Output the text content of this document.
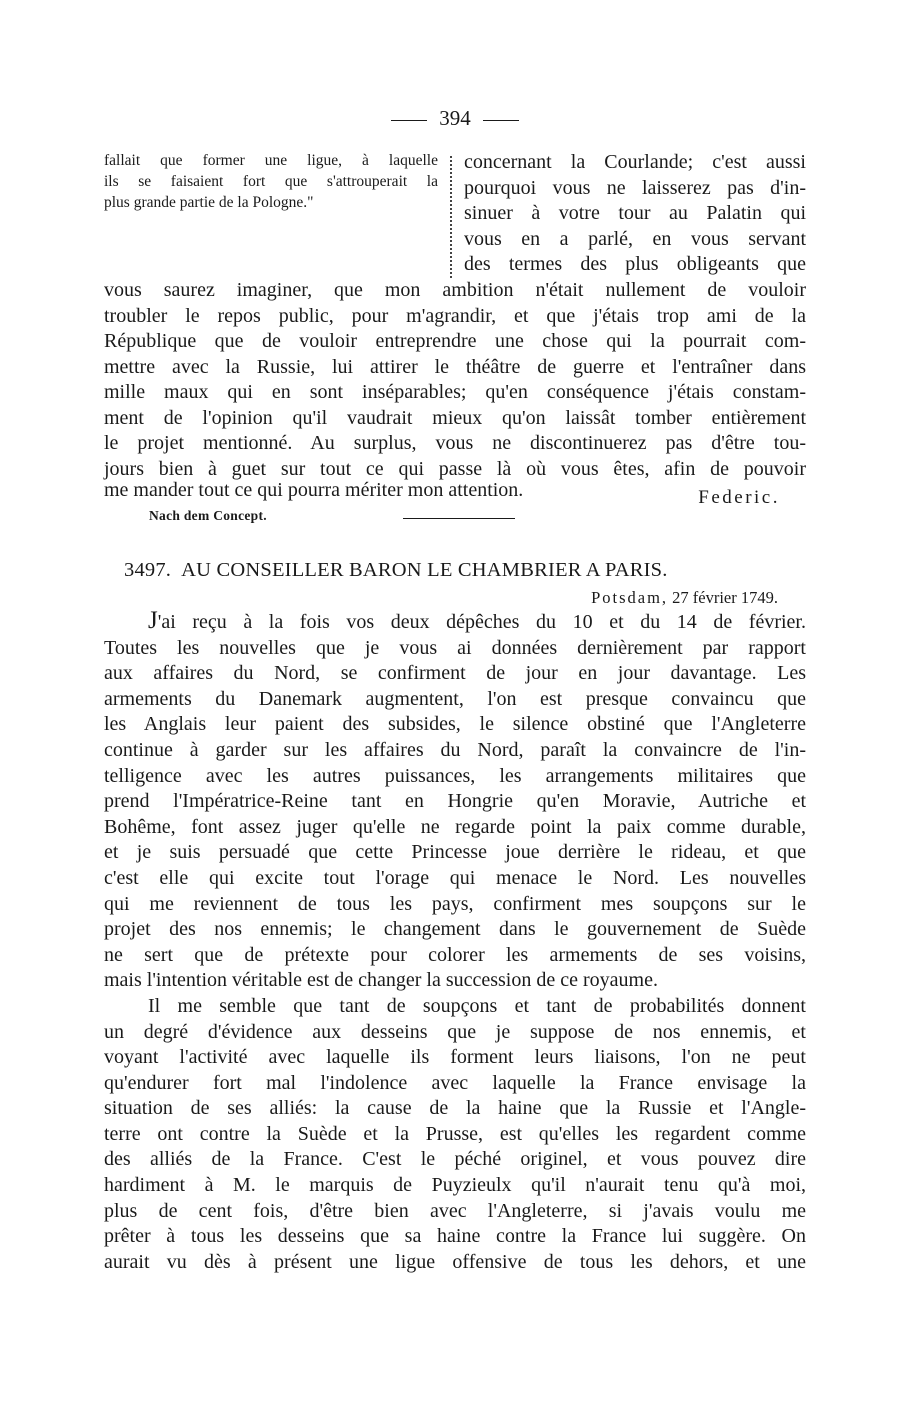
394
fallait que former une ligue, à laquelle
ils se faisaient fort que s'attrouperait la
plus grande partie de la Pologne."
concernant la Courlande; c'est aussi
pourquoi vous ne laisserez pas d'in-
sinuer à votre tour au Palatin qui
vous en a parlé, en vous servant
des termes des plus obligeants que
vous saurez imaginer, que mon ambition n'était nullement de vouloir
troubler le repos public, pour m'agrandir, et que j'étais trop ami de la
République que de vouloir entreprendre une chose qui la pourrait com-
mettre avec la Russie, lui attirer le théâtre de guerre et l'entraîner dans
mille maux qui en sont inséparables; qu'en conséquence j'étais constam-
ment de l'opinion qu'il vaudrait mieux qu'on laissât tomber entièrement
le projet mentionné. Au surplus, vous ne discontinuerez pas d'être tou-
jours bien à guet sur tout ce qui passe là où vous êtes, afin de pouvoir
me mander tout ce qui pourra mériter mon attention.	Federic.
Nach dem Concept.
3497. AU CONSEILLER BARON LE CHAMBRIER A PARIS.
Potsdam, 27 février 1749.
J'ai reçu à la fois vos deux dépêches du 10 et du 14 de février.
Toutes les nouvelles que je vous ai données dernièrement par rapport
aux affaires du Nord, se confirment de jour en jour davantage. Les
armements du Danemark augmentent, l'on est presque convaincu que
les Anglais leur paient des subsides, le silence obstiné que l'Angleterre
continue à garder sur les affaires du Nord, paraît la convaincre de l'in-
telligence avec les autres puissances, les arrangements militaires que
prend l'Impératrice-Reine tant en Hongrie qu'en Moravie, Autriche et
Bohême, font assez juger qu'elle ne regarde point la paix comme durable,
et je suis persuadé que cette Princesse joue derrière le rideau, et que
c'est elle qui excite tout l'orage qui menace le Nord. Les nouvelles
qui me reviennent de tous les pays, confirment mes soupçons sur le
projet des nos ennemis; le changement dans le gouvernement de Suède
ne sert que de prétexte pour colorer les armements de ses voisins,
mais l'intention véritable est de changer la succession de ce royaume.
Il me semble que tant de soupçons et tant de probabilités donnent
un degré d'évidence aux desseins que je suppose de nos ennemis, et
voyant l'activité avec laquelle ils forment leurs liaisons, l'on ne peut
qu'endurer fort mal l'indolence avec laquelle la France envisage la
situation de ses alliés: la cause de la haine que la Russie et l'Angle-
terre ont contre la Suède et la Prusse, est qu'elles les regardent comme
des alliés de la France. C'est le péché originel, et vous pouvez dire
hardiment à M. le marquis de Puyzieulx qu'il n'aurait tenu qu'à moi,
plus de cent fois, d'être bien avec l'Angleterre, si j'avais voulu me
prêter à tous les desseins que sa haine contre la France lui suggère. On
aurait vu dès à présent une ligue offensive de tous les dehors, et une
